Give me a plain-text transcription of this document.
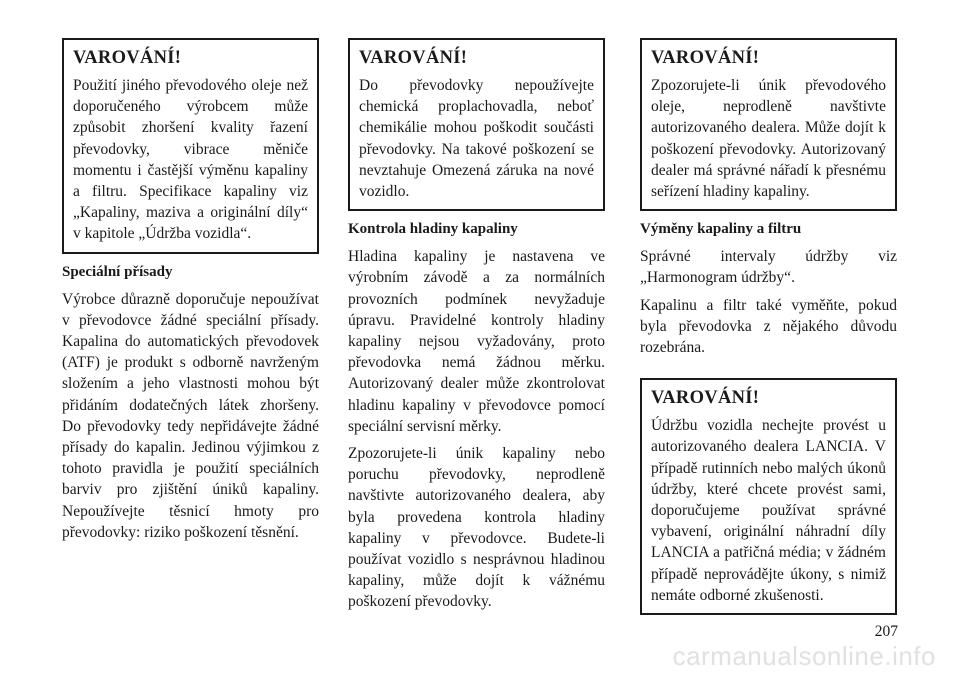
VAROVÁNÍ!

Použití jiného převodového oleje než doporučeného výrobcem může způsobit zhoršení kvality řazení převodovky, vibrace měniče momentu i častější výměnu kapaliny a filtru. Specifikace kapaliny viz „Kapaliny, maziva a originální díly“ v kapitole „Údržba vozidla“.

Speciální přísady

Výrobce důrazně doporučuje nepoužívat v převodovce žádné speciální přísady. Kapalina do automatických převodovek (ATF) je produkt s odborně navrženým složením a jeho vlastnosti mohou být přidáním dodatečných látek zhoršeny. Do převodovky tedy nepřidávejte žádné přísady do kapalin. Jedinou výjimkou z tohoto pravidla je použití speciálních barviv pro zjištění úniků kapaliny. Nepoužívejte těsnicí hmoty pro převodovky: riziko poškození těsnění.

VAROVÁNÍ!

Do převodovky nepoužívejte chemická proplachovadla, neboť chemikálie mohou poškodit součásti převodovky. Na takové poškození se nevztahuje Omezená záruka na nové vozidlo.

Kontrola hladiny kapaliny

Hladina kapaliny je nastavena ve výrobním závodě a za normálních provozních podmínek nevyžaduje úpravu. Pravidelné kontroly hladiny kapaliny nejsou vyžadovány, proto převodovka nemá žádnou měrku. Autorizovaný dealer může zkontrolovat hladinu kapaliny v převodovce pomocí speciální servisní měrky.

Zpozorujete-li únik kapaliny nebo poruchu převodovky, neprodleně navštivte autorizovaného dealera, aby byla provedena kontrola hladiny kapaliny v převodovce. Budete-li používat vozidlo s nesprávnou hladinou kapaliny, může dojít k vážnému poškození převodovky.

VAROVÁNÍ!

Zpozorujete-li únik převodového oleje, neprodleně navštivte autorizovaného dealera. Může dojít k poškození převodovky. Autorizovaný dealer má správné nářadí k přesnému seřízení hladiny kapaliny.

Výměny kapaliny a filtru

Správné intervaly údržby viz „Harmonogram údržby“.

Kapalinu a filtr také vyměňte, pokud byla převodovka z nějakého důvodu rozebrána.

VAROVÁNÍ!

Údržbu vozidla nechejte provést u autorizovaného dealera LANCIA. V případě rutinních nebo malých úkonů údržby, které chcete provést sami, doporučujeme používat správné vybavení, originální náhradní díly LANCIA a patřičná média; v žádném případě neprovádějte úkony, s nimiž nemáte odborné zkušenosti.

207
carmanualsonline.info
